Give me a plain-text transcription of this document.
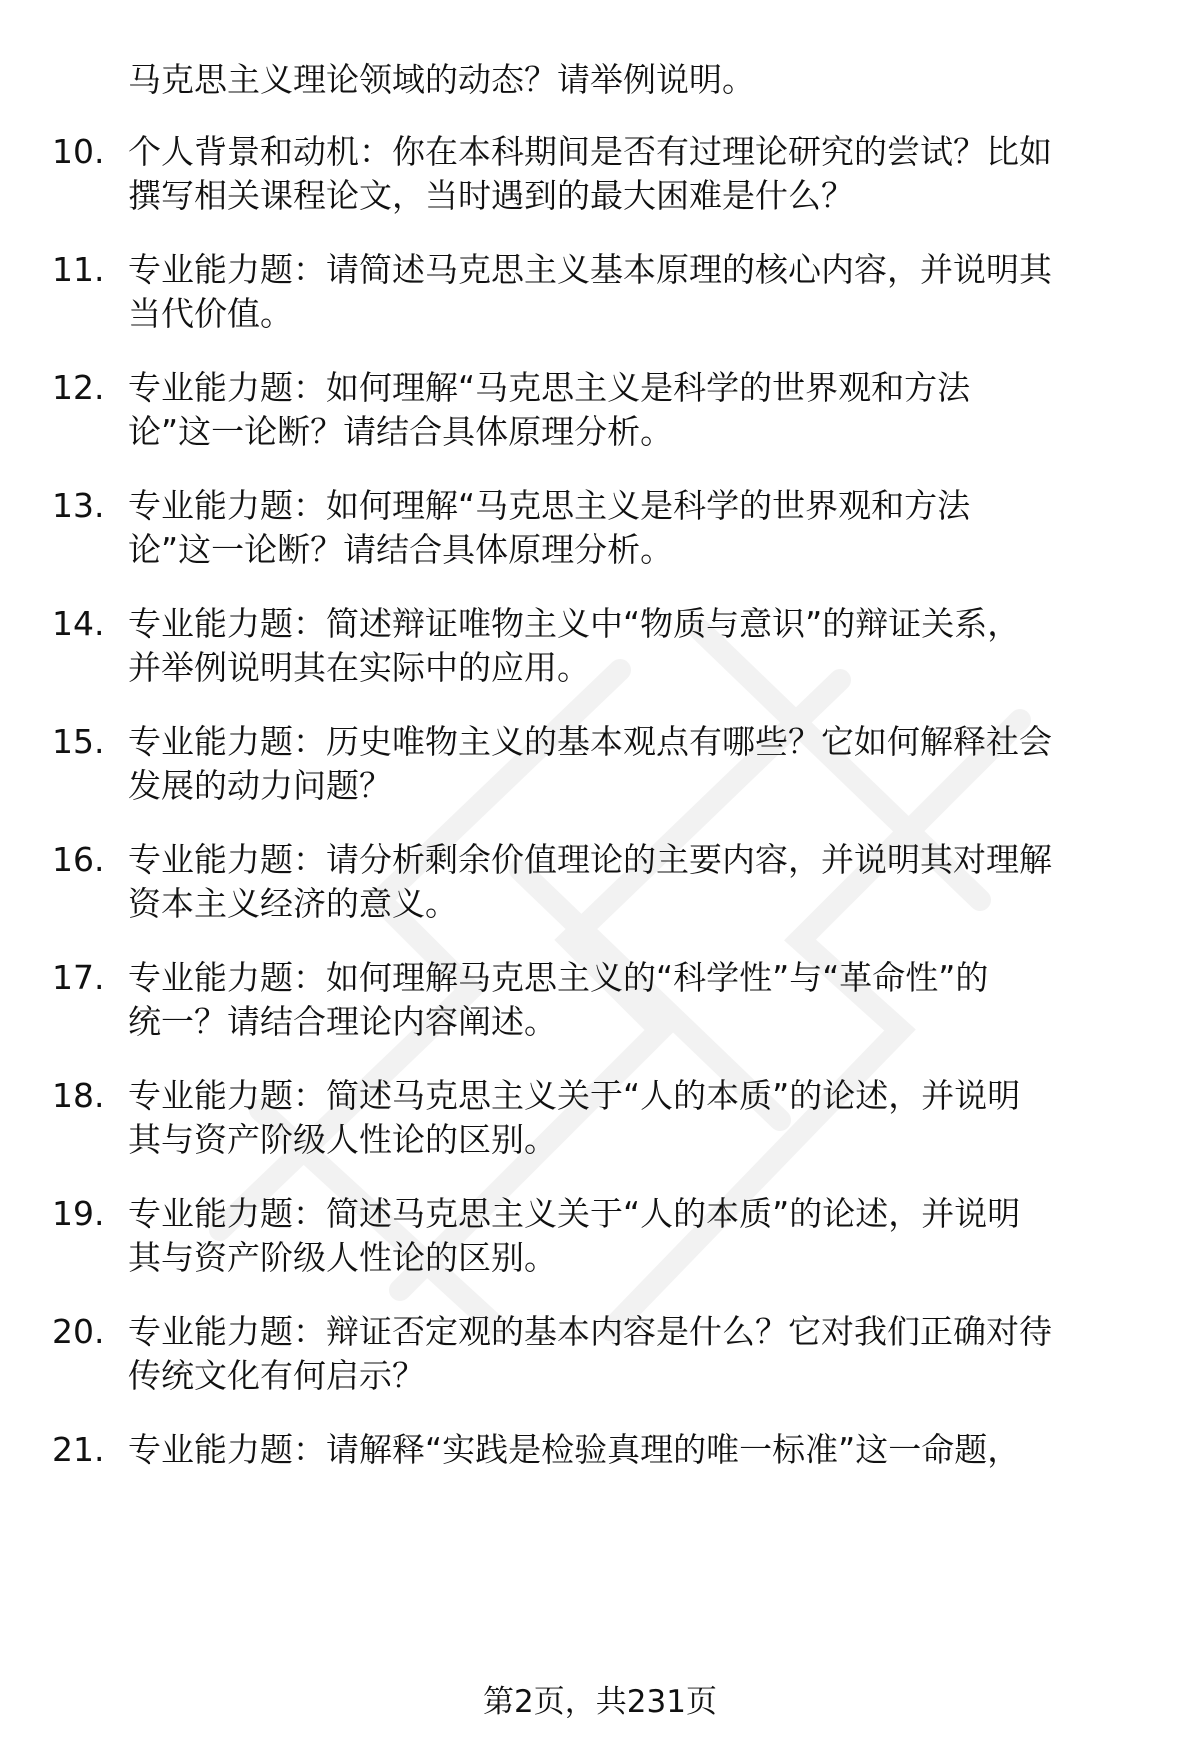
马克思主义理论领域的动态？请举例说明。
10. 个人背景和动机：你在本科期间是否有过理论研究的尝试？比如
撰写相关课程论文，当时遇到的最大困难是什么？
11. 专业能力题：请简述马克思主义基本原理的核心内容，并说明其
当代价值。
12. 专业能力题：如何理解“马克思主义是科学的世界观和方法
论”这一论断？请结合具体原理分析。
13. 专业能力题：如何理解“马克思主义是科学的世界观和方法
论”这一论断？请结合具体原理分析。
14. 专业能力题：简述辩证唯物主义中“物质与意识”的辩证关系，
并举例说明其在实际中的应用。
15. 专业能力题：历史唯物主义的基本观点有哪些？它如何解释社会
发展的动力问题？
16. 专业能力题：请分析剩余价值理论的主要内容，并说明其对理解
资本主义经济的意义。
17. 专业能力题：如何理解马克思主义的“科学性”与“革命性”的
统一？请结合理论内容阐述。
18. 专业能力题：简述马克思主义关于“人的本质”的论述，并说明
其与资产阶级人性论的区别。
19. 专业能力题：简述马克思主义关于“人的本质”的论述，并说明
其与资产阶级人性论的区别。
20. 专业能力题：辩证否定观的基本内容是什么？它对我们正确对待
传统文化有何启示？
21. 专业能力题：请解释“实践是检验真理的唯一标准”这一命题，
第2页，共231页
